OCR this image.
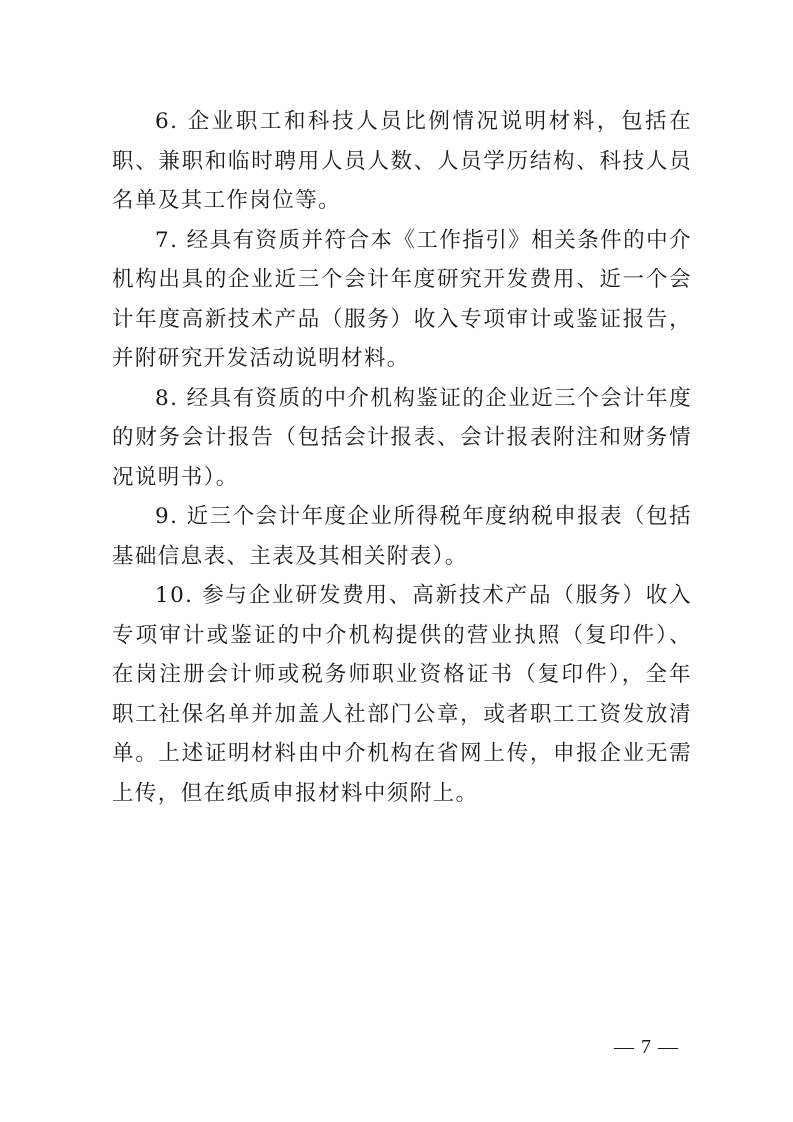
6. 企业职工和科技人员比例情况说明材料，包括在职、兼职和临时聘用人员人数、人员学历结构、科技人员名单及其工作岗位等。

7. 经具有资质并符合本《工作指引》相关条件的中介机构出具的企业近三个会计年度研究开发费用、近一个会计年度高新技术产品（服务）收入专项审计或鉴证报告，并附研究开发活动说明材料。

8. 经具有资质的中介机构鉴证的企业近三个会计年度的财务会计报告（包括会计报表、会计报表附注和财务情况说明书）。

9. 近三个会计年度企业所得税年度纳税申报表（包括基础信息表、主表及其相关附表）。

10. 参与企业研发费用、高新技术产品（服务）收入专项审计或鉴证的中介机构提供的营业执照（复印件）、在岗注册会计师或税务师职业资格证书（复印件），全年职工社保名单并加盖人社部门公章，或者职工工资发放清单。上述证明材料由中介机构在省网上传，申报企业无需上传，但在纸质申报材料中须附上。

— 7 —
